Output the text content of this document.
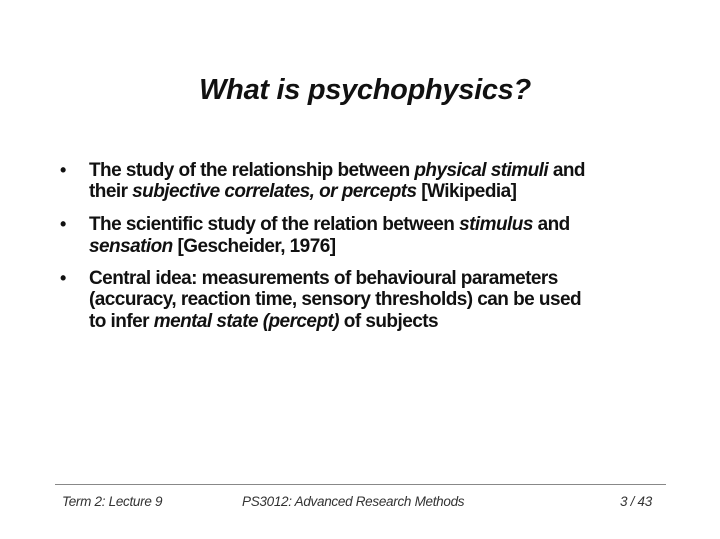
What is psychophysics?
• The study of the relationship between physical stimuli and
their subjective correlates, or percepts [Wikipedia]
• The scientific study of the relation between stimulus and
sensation [Gescheider, 1976]
• Central idea: measurements of behavioural parameters
(accuracy, reaction time, sensory thresholds) can be used
to infer mental state (percept) of subjects
Term 2: Lecture 9	PS3012: Advanced Research Methods	3 / 43
